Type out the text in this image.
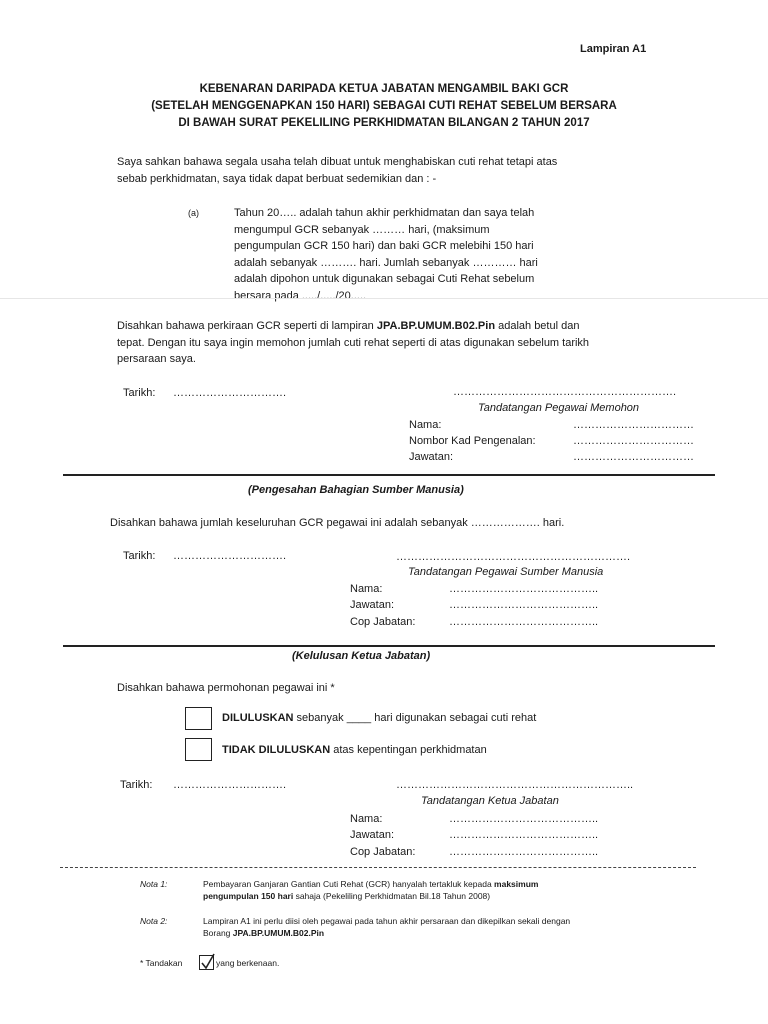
Lampiran A1
KEBENARAN DARIPADA KETUA JABATAN MENGAMBIL BAKI GCR
(SETELAH MENGGENAPKAN 150 HARI) SEBAGAI CUTI REHAT SEBELUM BERSARA
DI BAWAH SURAT PEKELILING PERKHIDMATAN BILANGAN 2 TAHUN 2017
Saya sahkan bahawa segala usaha telah dibuat untuk menghabiskan cuti rehat tetapi atas
sebab perkhidmatan, saya tidak dapat berbuat sedemikian dan : -
(a)	Tahun 20….. adalah tahun akhir perkhidmatan dan saya telah
mengumpul GCR sebanyak ……… hari, (maksimum
pengumpulan GCR 150 hari) dan baki GCR melebihi 150 hari
adalah sebanyak ………. hari. Jumlah sebanyak ………… hari
adalah dipohon untuk digunakan sebagai Cuti Rehat sebelum
bersara pada ...../...../20.....
Disahkan bahawa perkiraan GCR seperti di lampiran JPA.BP.UMUM.B02.Pin adalah betul dan
tepat. Dengan itu saya ingin memohon jumlah cuti rehat seperti di atas digunakan sebelum tarikh
persaraan saya.
Tarikh: ………………………….	…………………………………………………….
Tandatangan Pegawai Memohon
Nama:	……………………………
Nombor Kad Pengenalan:	……………………………
Jawatan:	……………………………
(Pengesahan Bahagian Sumber Manusia)
Disahkan bahawa jumlah keseluruhan GCR pegawai ini adalah sebanyak ………………. hari.
Tarikh: ………………………….	……………………………………………………….
Tandatangan Pegawai Sumber Manusia
Nama:	…………………………………..
Jawatan:	…………………………………..
Cop Jabatan:	…………………………………..
(Kelulusan Ketua Jabatan)
Disahkan bahawa permohonan pegawai ini *
DILULUSKAN sebanyak ____ hari digunakan sebagai cuti rehat
TIDAK DILULUSKAN atas kepentingan perkhidmatan
Tarikh: ………………………….	………………………………………………………..
Tandatangan Ketua Jabatan
Nama:	…………………………………..
Jawatan:	…………………………………..
Cop Jabatan:	…………………………………..
Nota 1:	Pembayaran Ganjaran Gantian Cuti Rehat (GCR) hanyalah tertakluk kepada maksimum
pengumpulan 150 hari sahaja (Pekeliling Perkhidmatan Bil.18 Tahun 2008)
Nota 2:	Lampiran A1 ini perlu diisi oleh pegawai pada tahun akhir persaraan dan dikepilkan sekali dengan
Borang JPA.BP.UMUM.B02.Pin
* Tandakan	yang berkenaan.
